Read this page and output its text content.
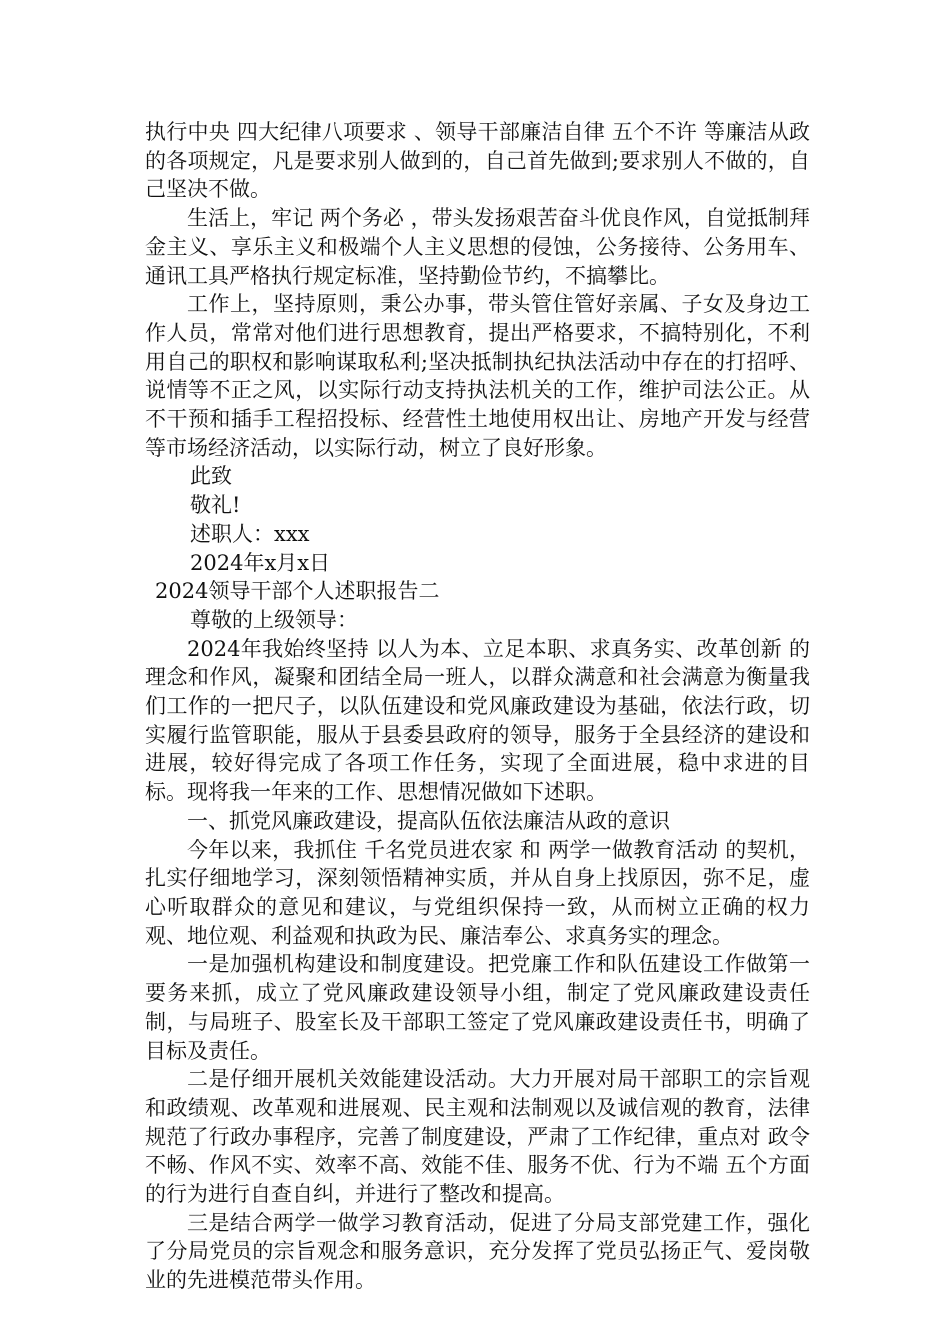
执行中央 四大纪律八项要求 、领导干部廉洁自律 五个不许 等廉洁从政的各项规定，凡是要求别人做到的，自己首先做到;要求别人不做的，自己坚决不做。

生活上，牢记 两个务必 ，带头发扬艰苦奋斗优良作风，自觉抵制拜金主义、享乐主义和极端个人主义思想的侵蚀，公务接待、公务用车、通讯工具严格执行规定标准，坚持勤俭节约，不搞攀比。

工作上，坚持原则，秉公办事，带头管住管好亲属、子女及身边工作人员，常常对他们进行思想教育，提出严格要求，不搞特别化，不利用自己的职权和影响谋取私利;坚决抵制执纪执法活动中存在的打招呼、说情等不正之风，以实际行动支持执法机关的工作，维护司法公正。从不干预和插手工程招投标、经营性土地使用权出让、房地产开发与经营等市场经济活动，以实际行动，树立了良好形象。

此致

敬礼!

述职人：xxx

2024年x月x日

2024领导干部个人述职报告二

尊敬的上级领导：

2024年我始终坚持 以人为本、立足本职、求真务实、改革创新 的理念和作风，凝聚和团结全局一班人，以群众满意和社会满意为衡量我们工作的一把尺子，以队伍建设和党风廉政建设为基础，依法行政，切实履行监管职能，服从于县委县政府的领导，服务于全县经济的建设和进展，较好得完成了各项工作任务，实现了全面进展，稳中求进的目标。现将我一年来的工作、思想情况做如下述职。

一、抓党风廉政建设，提高队伍依法廉洁从政的意识

今年以来，我抓住 千名党员进农家 和 两学一做教育活动 的契机，扎实仔细地学习，深刻领悟精神实质，并从自身上找原因，弥不足，虚心听取群众的意见和建议，与党组织保持一致，从而树立正确的权力观、地位观、利益观和执政为民、廉洁奉公、求真务实的理念。

一是加强机构建设和制度建设。把党廉工作和队伍建设工作做第一要务来抓，成立了党风廉政建设领导小组，制定了党风廉政建设责任制，与局班子、股室长及干部职工签定了党风廉政建设责任书，明确了目标及责任。

二是仔细开展机关效能建设活动。大力开展对局干部职工的宗旨观和政绩观、改革观和进展观、民主观和法制观以及诚信观的教育，法律规范了行政办事程序，完善了制度建设，严肃了工作纪律，重点对 政令不畅、作风不实、效率不高、效能不佳、服务不优、行为不端 五个方面的行为进行自查自纠，并进行了整改和提高。

三是结合两学一做学习教育活动，促进了分局支部党建工作，强化了分局党员的宗旨观念和服务意识，充分发挥了党员弘扬正气、爱岗敬业的先进模范带头作用。
